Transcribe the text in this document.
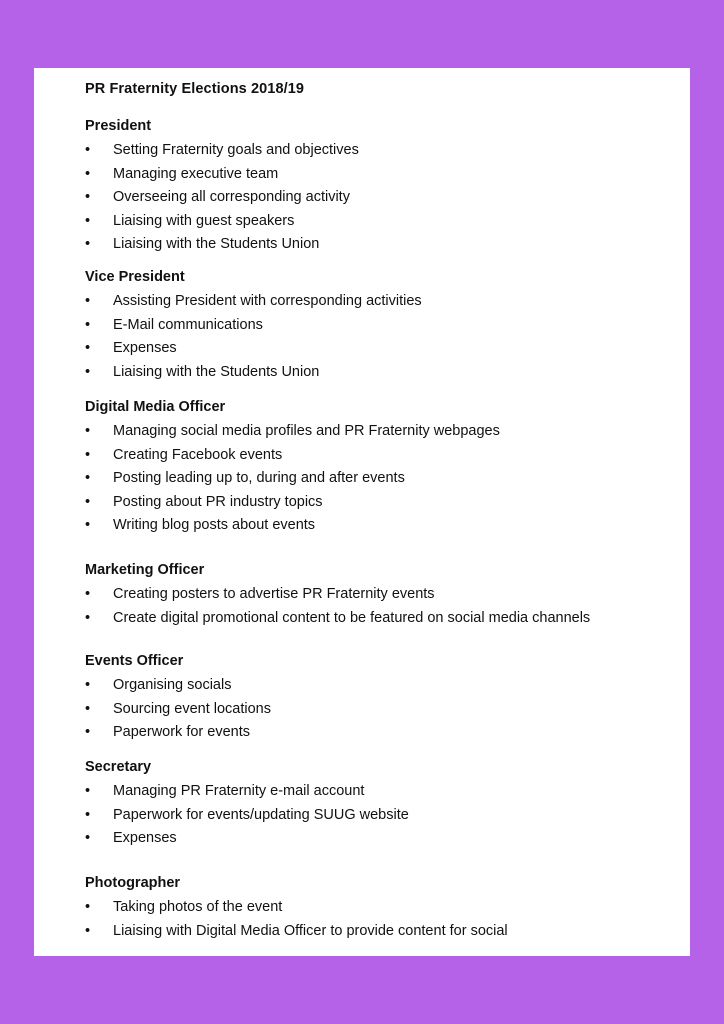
PR Fraternity Elections 2018/19
President
•	Setting Fraternity goals and objectives
•	Managing executive team
•	Overseeing all corresponding activity
•	Liaising with guest speakers
•	Liaising with the Students Union
Vice President
•	Assisting President with corresponding activities
•	E-Mail communications
•	Expenses
•	Liaising with the Students Union
Digital Media Officer
•	Managing social media profiles and PR Fraternity webpages
•	Creating Facebook events
•	Posting leading up to, during and after events
•	Posting about PR industry topics
•	Writing blog posts about events
Marketing Officer
•	Creating posters to advertise PR Fraternity events
•	Create digital promotional content to be featured on social media channels
Events Officer
•	Organising socials
•	Sourcing event locations
•	Paperwork for events
Secretary
•	Managing PR Fraternity e-mail account
•	Paperwork for events/updating SUUG website
•	Expenses
Photographer
•	Taking photos of the event
•	Liaising with Digital Media Officer to provide content for social
